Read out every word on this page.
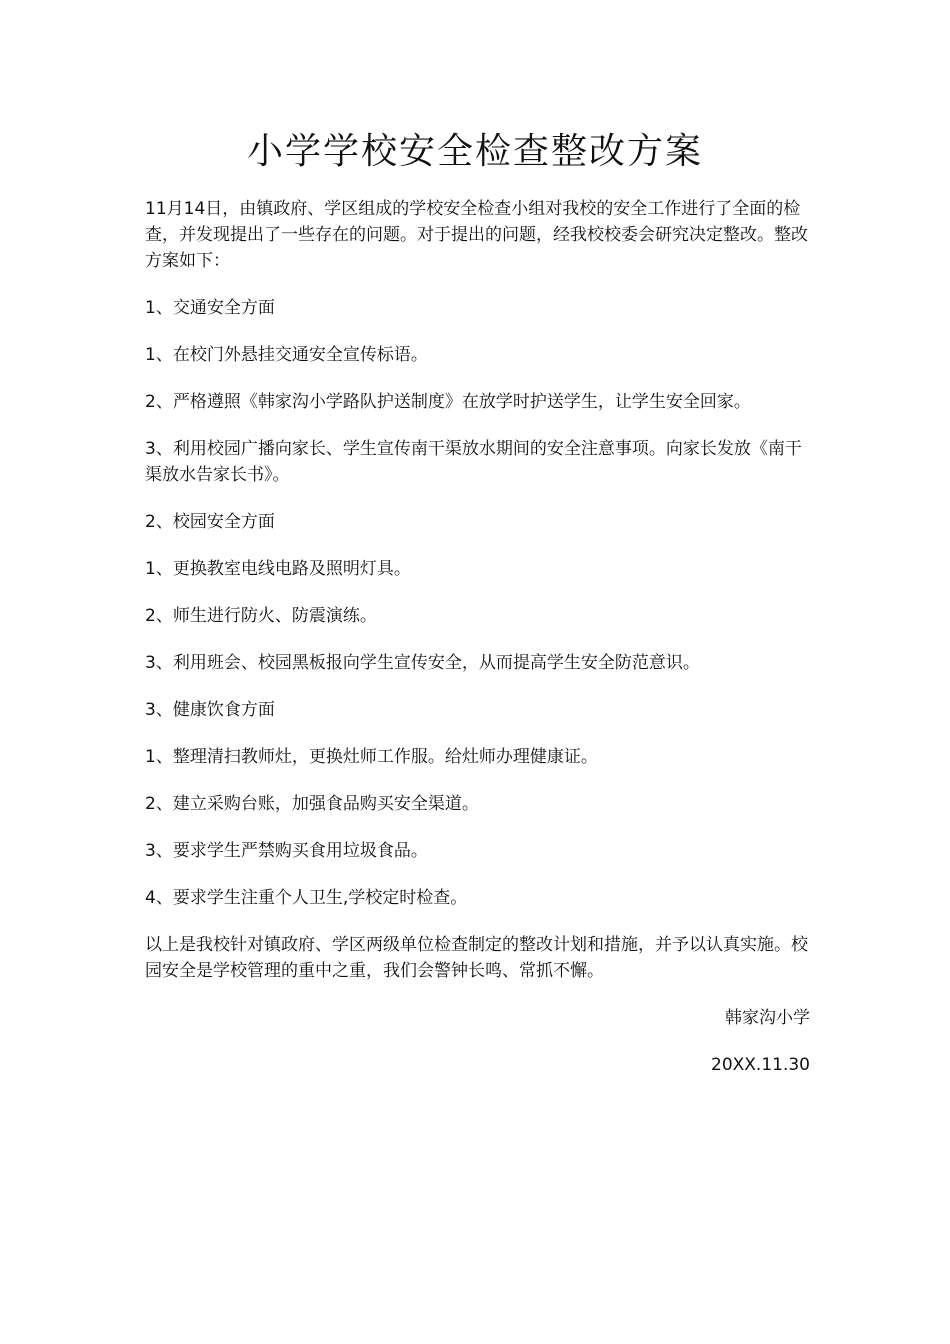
小学学校安全检查整改方案

11月14日，由镇政府、学区组成的学校安全检查小组对我校的安全工作进行了全面的检查，并发现提出了一些存在的问题。对于提出的问题，经我校校委会研究决定整改。整改方案如下：

1、交通安全方面

1、在校门外悬挂交通安全宣传标语。

2、严格遵照《韩家沟小学路队护送制度》在放学时护送学生，让学生安全回家。

3、利用校园广播向家长、学生宣传南干渠放水期间的安全注意事项。向家长发放《南干渠放水告家长书》。

2、校园安全方面

1、更换教室电线电路及照明灯具。

2、师生进行防火、防震演练。

3、利用班会、校园黑板报向学生宣传安全，从而提高学生安全防范意识。

3、健康饮食方面

1、整理清扫教师灶，更换灶师工作服。给灶师办理健康证。

2、建立采购台账，加强食品购买安全渠道。

3、要求学生严禁购买食用垃圾食品。

4、要求学生注重个人卫生,学校定时检查。

以上是我校针对镇政府、学区两级单位检查制定的整改计划和措施，并予以认真实施。校园安全是学校管理的重中之重，我们会警钟长鸣、常抓不懈。

韩家沟小学

20XX.11.30
